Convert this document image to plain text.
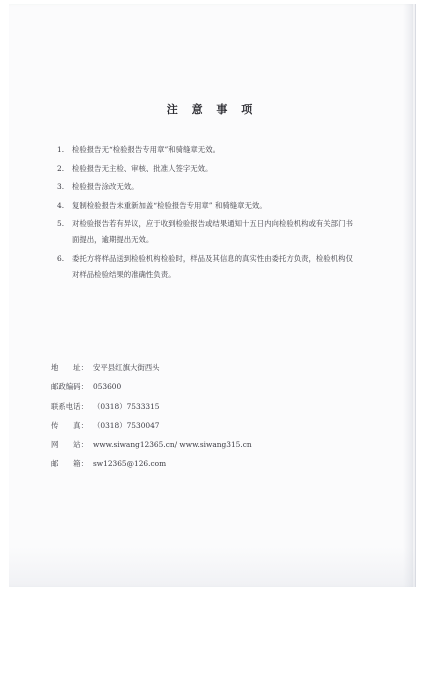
注 意 事 项
1. 检验报告无“检验报告专用章”和骑缝章无效。
2. 检验报告无主检、审核、批准人签字无效。
3. 检验报告涂改无效。
4. 复制检验报告未重新加盖“检验报告专用章” 和骑缝章无效。
5. 对检验报告若有异议，应于收到检验报告或结果通知十五日内向检验机构或有关部门书面提出，逾期提出无效。
6. 委托方将样品送到检验机构检验时，样品及其信息的真实性由委托方负责，检验机构仅对样品检验结果的准确性负责。
地　　址： 安平县红旗大街西头
邮政编码： 053600
联系电话： （0318）7533315
传　　真： （0318）7530047
网　　站： www.siwang12365.cn/ www.siwang315.cn
邮　　箱： sw12365@126.com
